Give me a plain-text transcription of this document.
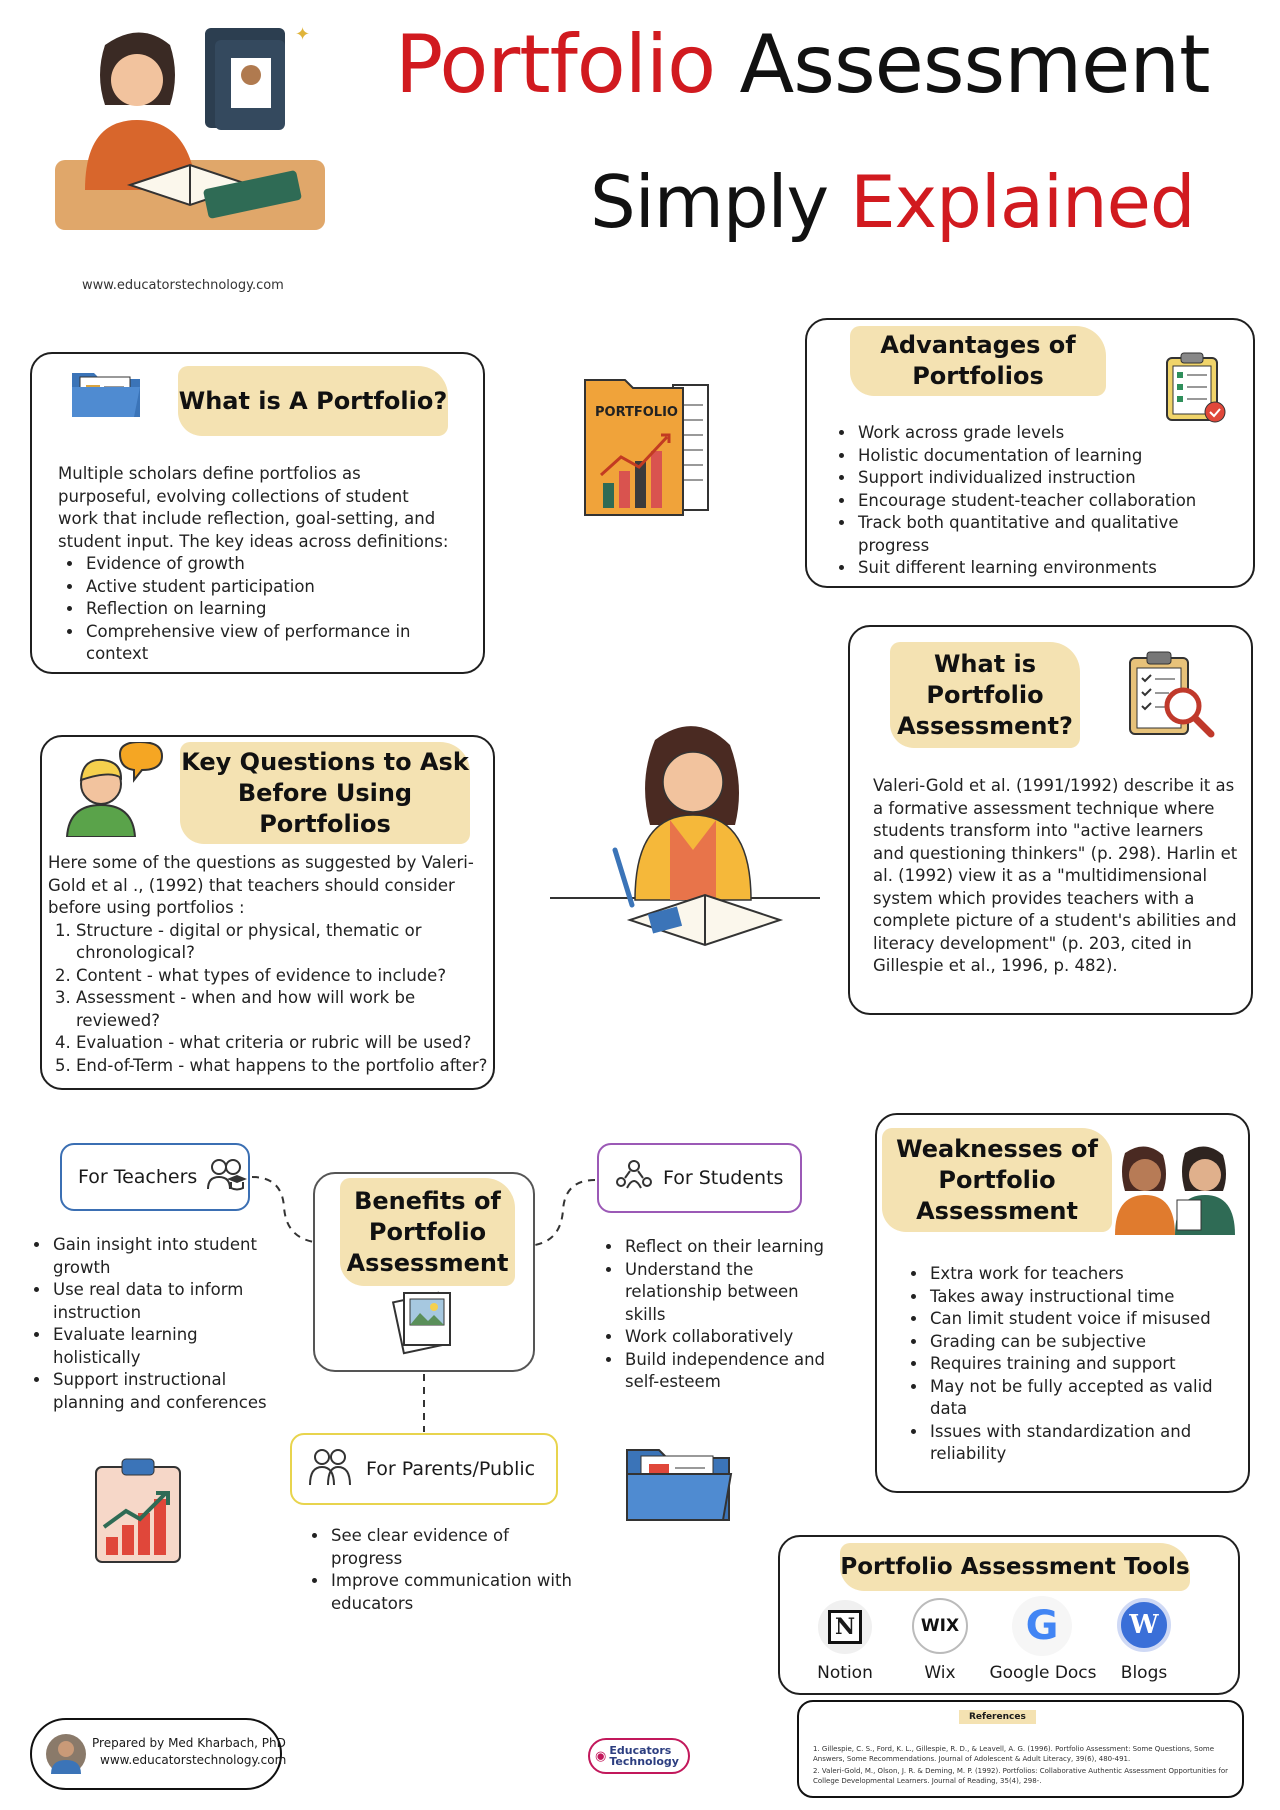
✦ Portfolio Assessment
Simply Explained
www.educatorstechnology.com
What is A Portfolio?
Multiple scholars define portfolios as purposeful, evolving collections of student work that include reflection, goal-setting, and student input. The key ideas across definitions:
• Evidence of growth
• Active student participation
• Reflection on learning
• Comprehensive view of performance in context
PORTFOLIO
Advantages of Portfolios
• Work across grade levels
• Holistic documentation of learning
• Support individualized instruction
• Encourage student-teacher collaboration
• Track both quantitative and qualitative progress
• Suit different learning environments
What is Portfolio Assessment?
Valeri-Gold et al. (1991/1992) describe it as a formative assessment technique where students transform into "active learners and questioning thinkers" (p. 298). Harlin et al. (1992) view it as a "multidimensional system which provides teachers with a complete picture of a student's abilities and literacy development" (p. 203, cited in Gillespie et al., 1996, p. 482).
Key Questions to Ask Before Using Portfolios
Here some of the questions as suggested by Valeri-Gold et al ., (1992) that teachers should consider before using portfolios :
1. Structure - digital or physical, thematic or chronological?
2. Content - what types of evidence to include?
3. Assessment - when and how will work be reviewed?
4. Evaluation - what criteria or rubric will be used?
5. End-of-Term - what happens to the portfolio after?
Benefits of Portfolio Assessment
For Teachers
• Gain insight into student growth
• Use real data to inform instruction
• Evaluate learning holistically
• Support instructional planning and conferences
For Students
• Reflect on their learning
• Understand the relationship between skills
• Work collaboratively
• Build independence and self-esteem
For Parents/Public
• See clear evidence of progress
• Improve communication with educators
Weaknesses of Portfolio Assessment
• Extra work for teachers
• Takes away instructional time
• Can limit student voice if misused
• Grading can be subjective
• Requires training and support
• May not be fully accepted as valid data
• Issues with standardization and reliability
Portfolio Assessment Tools
N
Notion
WIX
Wix
G
Google Docs
W
Blogs
Prepared by Med Kharbach, PhD
www.educatorstechnology.com	◉ Educators
Technology
References
1. Gillespie, C. S., Ford, K. L., Gillespie, R. D., & Leavell, A. G. (1996). Portfolio Assessment: Some Questions, Some Answers, Some Recommendations. Journal of Adolescent & Adult Literacy, 39(6), 480-491.
2. Valeri-Gold, M., Olson, J. R. & Deming, M. P. (1992). Portfolios: Collaborative Authentic Assessment Opportunities for College Developmental Learners. Journal of Reading, 35(4), 298-.
